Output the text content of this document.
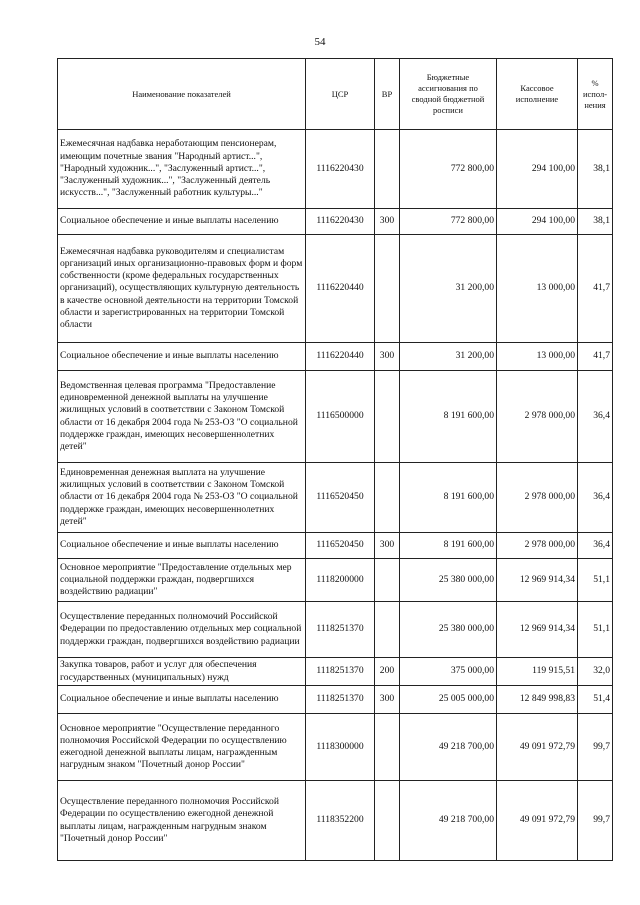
54
Наименование показателей	ЦСР	ВР	Бюджетные ассигнования по сводной бюджетной росписи	Кассовое исполнение	% испол-нения
Ежемесячная надбавка неработающим пенсионерам, имеющим почетные звания "Народный артист...", "Народный художник...", "Заслуженный артист...", "Заслуженный художник...", "Заслуженный деятель искусств...", "Заслуженный работник культуры..."	1116220430		772 800,00	294 100,00	38,1
Социальное обеспечение и иные выплаты населению	1116220430	300	772 800,00	294 100,00	38,1
Ежемесячная надбавка руководителям и специалистам организаций иных организационно-правовых форм и форм собственности (кроме федеральных государственных организаций), осуществляющих культурную деятельность в качестве основной деятельности на территории Томской области и зарегистрированных на территории Томской области	1116220440		31 200,00	13 000,00	41,7
Социальное обеспечение и иные выплаты населению	1116220440	300	31 200,00	13 000,00	41,7
Ведомственная целевая программа "Предоставление единовременной денежной выплаты на улучшение жилищных условий в соответствии с Законом Томской области от 16 декабря 2004 года № 253-ОЗ "О социальной поддержке граждан, имеющих несовершеннолетних детей"	1116500000		8 191 600,00	2 978 000,00	36,4
Единовременная денежная выплата на улучшение жилищных условий в соответствии с Законом Томской области от 16 декабря 2004 года № 253-ОЗ "О социальной поддержке граждан, имеющих несовершеннолетних детей"	1116520450		8 191 600,00	2 978 000,00	36,4
Социальное обеспечение и иные выплаты населению	1116520450	300	8 191 600,00	2 978 000,00	36,4
Основное мероприятие "Предоставление отдельных мер социальной поддержки граждан, подвергшихся воздействию радиации"	1118200000		25 380 000,00	12 969 914,34	51,1
Осуществление переданных полномочий Российской Федерации по предоставлению отдельных мер социальной поддержки граждан, подвергшихся воздействию радиации	1118251370		25 380 000,00	12 969 914,34	51,1
Закупка товаров, работ и услуг для обеспечения государственных (муниципальных) нужд	1118251370	200	375 000,00	119 915,51	32,0
Социальное обеспечение и иные выплаты населению	1118251370	300	25 005 000,00	12 849 998,83	51,4
Основное мероприятие "Осуществление переданного полномочия Российской Федерации по осуществлению ежегодной денежной выплаты лицам, награжденным нагрудным знаком "Почетный донор России"	1118300000		49 218 700,00	49 091 972,79	99,7
Осуществление переданного полномочия Российской Федерации по осуществлению ежегодной денежной выплаты лицам, награжденным нагрудным знаком "Почетный донор России"	1118352200		49 218 700,00	49 091 972,79	99,7
